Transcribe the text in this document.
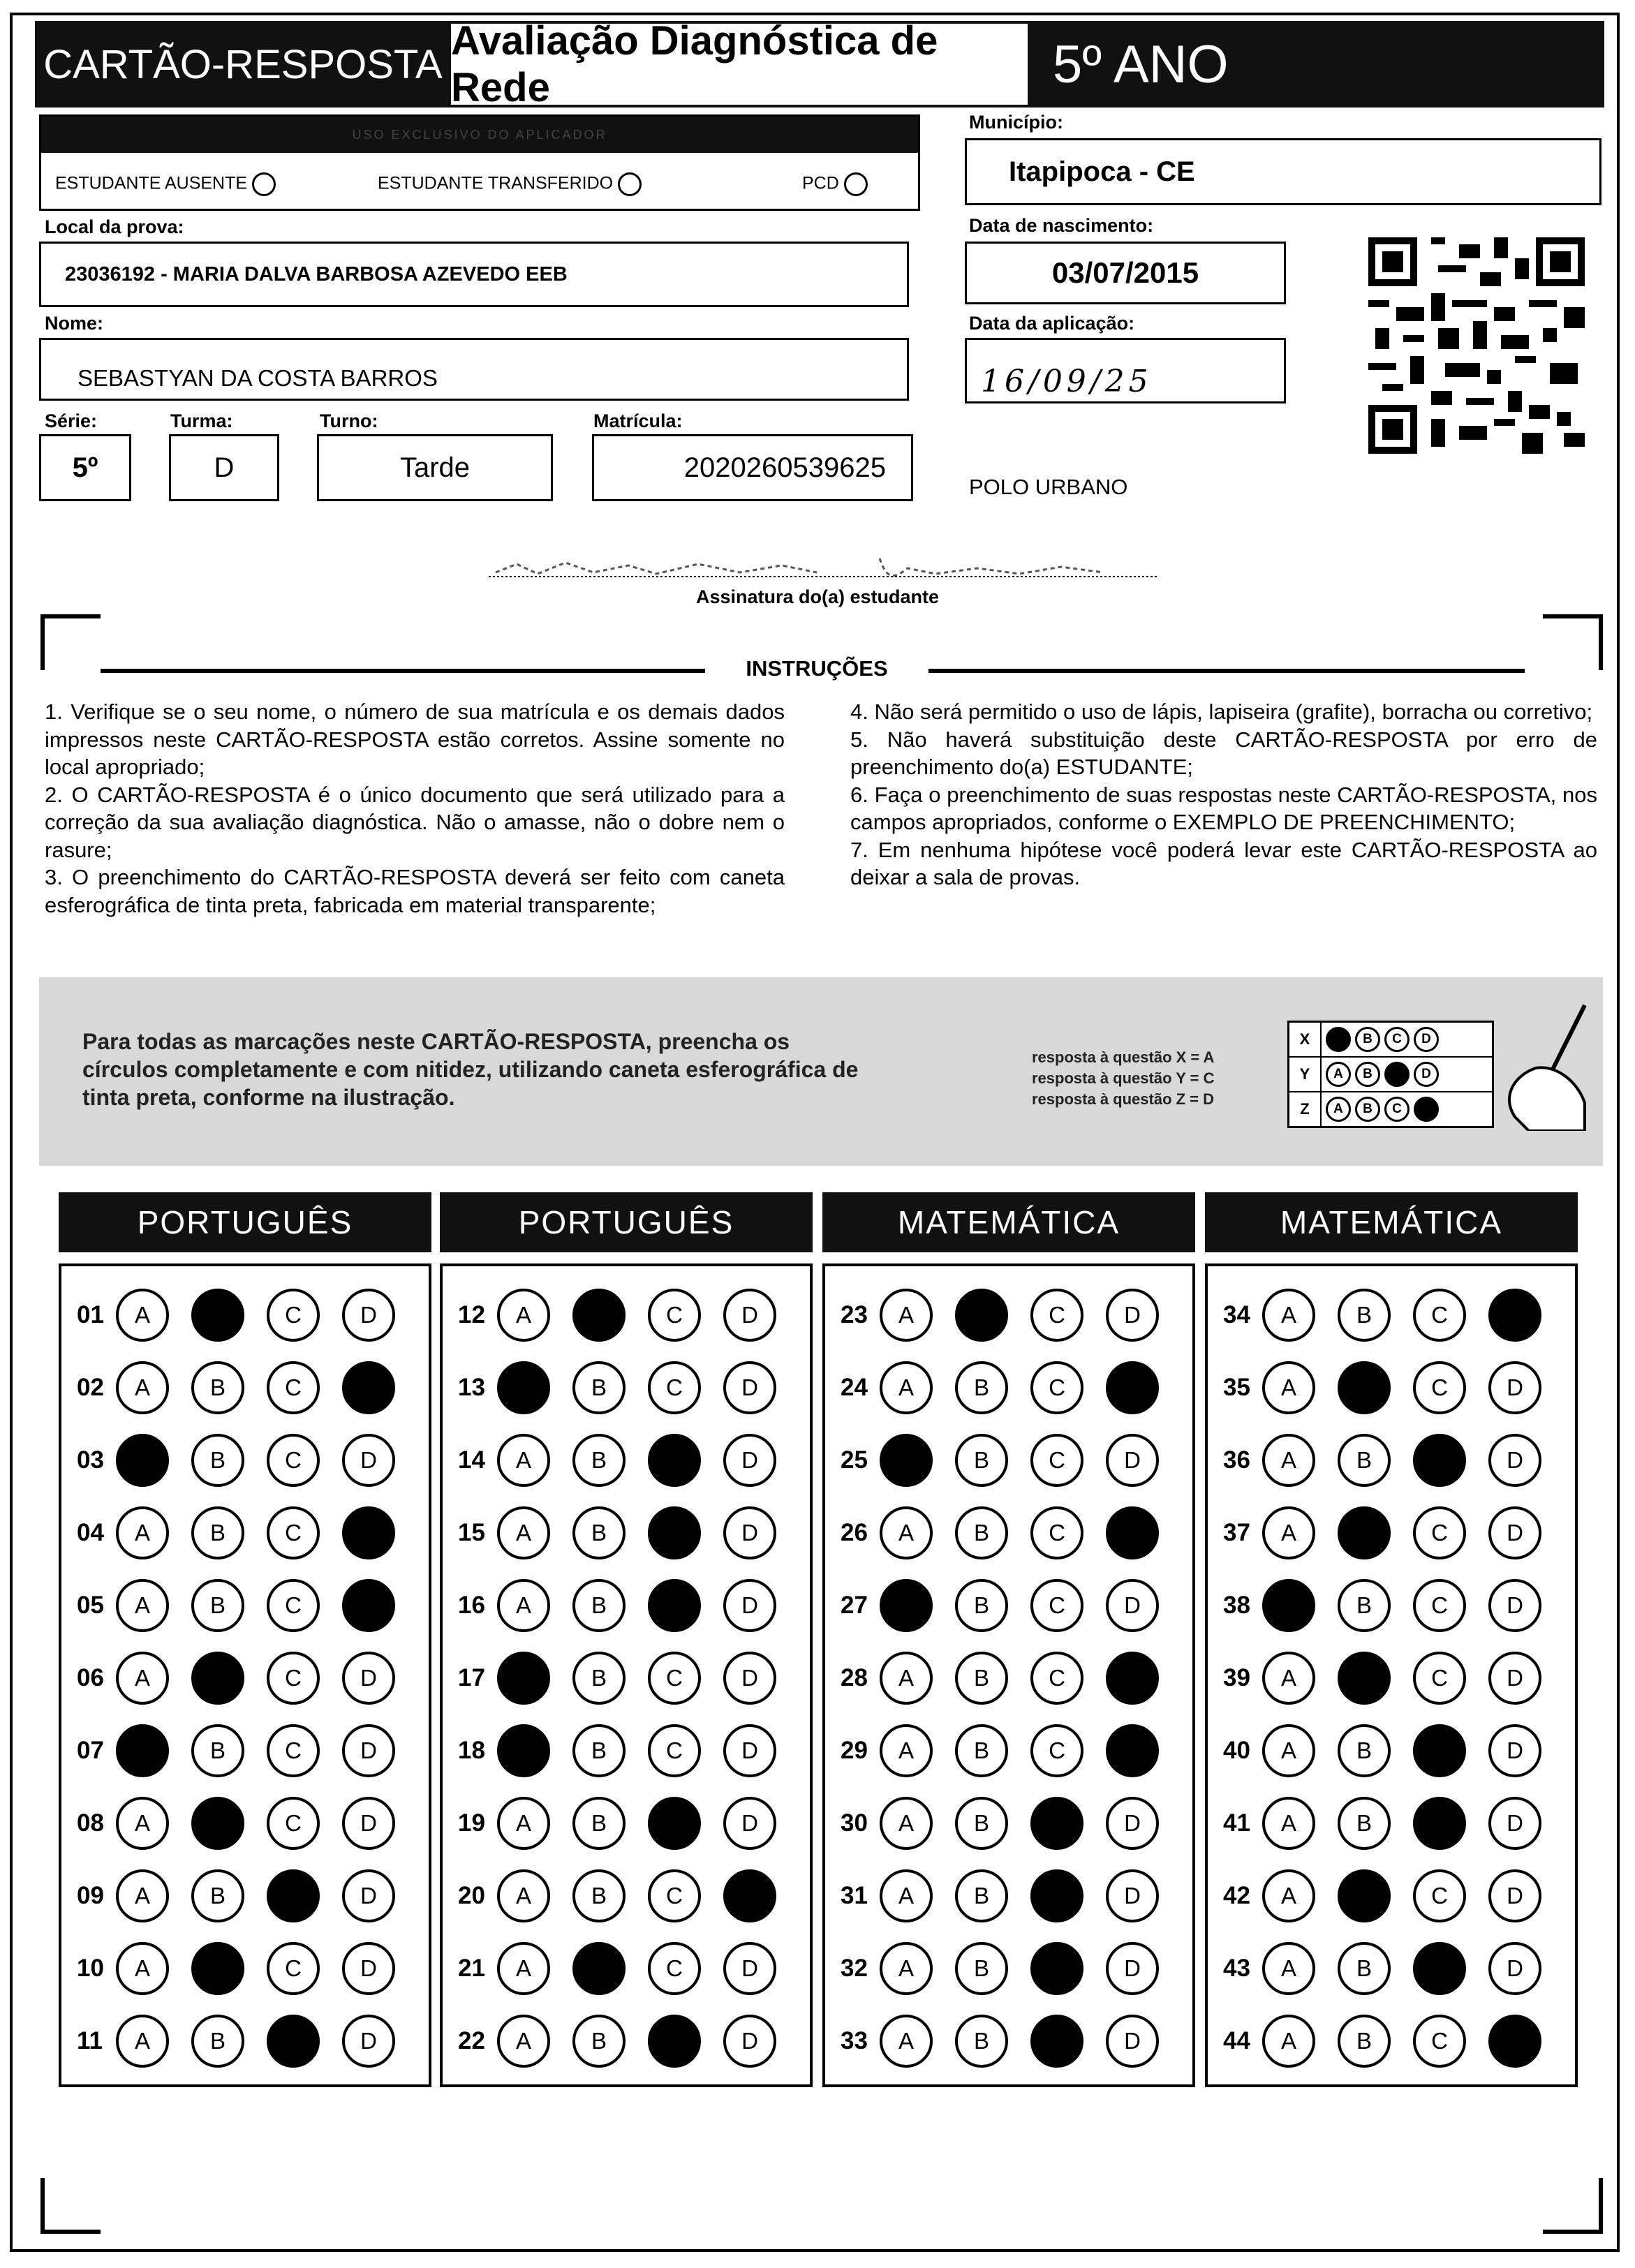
CARTÃO-RESPOSTA
Avaliação Diagnóstica de Rede	5º ANO
USO EXCLUSIVO DO APLICADOR
ESTUDANTE AUSENTE	ESTUDANTE TRANSFERIDO	PCD
Município:
Itapipoca - CE
Local da prova:
23036192 - MARIA DALVA BARBOSA AZEVEDO EEB
Data de nascimento:
03/07/2015
Nome:
SEBASTYAN DA COSTA BARROS
Data da aplicação:
16/09/25
Série:
5º
Turma:
D
Turno:
Tarde
Matrícula:
2020260539625
POLO URBANO
Assinatura do(a) estudante
INSTRUÇÕES

1. Verifique se o seu nome, o número de sua matrícula e os demais dados impressos neste CARTÃO-RESPOSTA estão corretos. Assine somente no local apropriado;

2. O CARTÃO-RESPOSTA é o único documento que será utilizado para a correção da sua avaliação diagnóstica. Não o amasse, não o dobre nem o rasure;

3. O preenchimento do CARTÃO-RESPOSTA deverá ser feito com caneta esferográfica de tinta preta, fabricada em material transparente;

4. Não será permitido o uso de lápis, lapiseira (grafite), borracha ou corretivo;

5. Não haverá substituição deste CARTÃO-RESPOSTA por erro de preenchimento do(a) ESTUDANTE;

6. Faça o preenchimento de suas respostas neste CARTÃO-RESPOSTA, nos campos apropriados, conforme o EXEMPLO DE PREENCHIMENTO;

7. Em nenhuma hipótese você poderá levar este CARTÃO-RESPOSTA ao deixar a sala de provas.

Para todas as marcações neste CARTÃO-RESPOSTA, preencha os círculos completamente e com nitidez, utilizando caneta esferográfica de tinta preta, conforme na ilustração.
resposta à questão X = A
resposta à questão Y = C
resposta à questão Z = D
X	A	B	C	D
Y	A	B	C	D
Z	A	B	C	D
PORTUGUÊS
01	A	B	C	D
02	A	B	C	D
03	A	B	C	D
04	A	B	C	D
05	A	B	C	D
06	A	B	C	D
07	A	B	C	D
08	A	B	C	D
09	A	B	C	D
10	A	B	C	D
11	A	B	C	D
PORTUGUÊS
12	A	B	C	D
13	A	B	C	D
14	A	B	C	D
15	A	B	C	D
16	A	B	C	D
17	A	B	C	D
18	A	B	C	D
19	A	B	C	D
20	A	B	C	D
21	A	B	C	D
22	A	B	C	D
MATEMÁTICA
23	A	B	C	D
24	A	B	C	D
25	A	B	C	D
26	A	B	C	D
27	A	B	C	D
28	A	B	C	D
29	A	B	C	D
30	A	B	C	D
31	A	B	C	D
32	A	B	C	D
33	A	B	C	D
MATEMÁTICA
34	A	B	C	D
35	A	B	C	D
36	A	B	C	D
37	A	B	C	D
38	A	B	C	D
39	A	B	C	D
40	A	B	C	D
41	A	B	C	D
42	A	B	C	D
43	A	B	C	D
44	A	B	C	D
